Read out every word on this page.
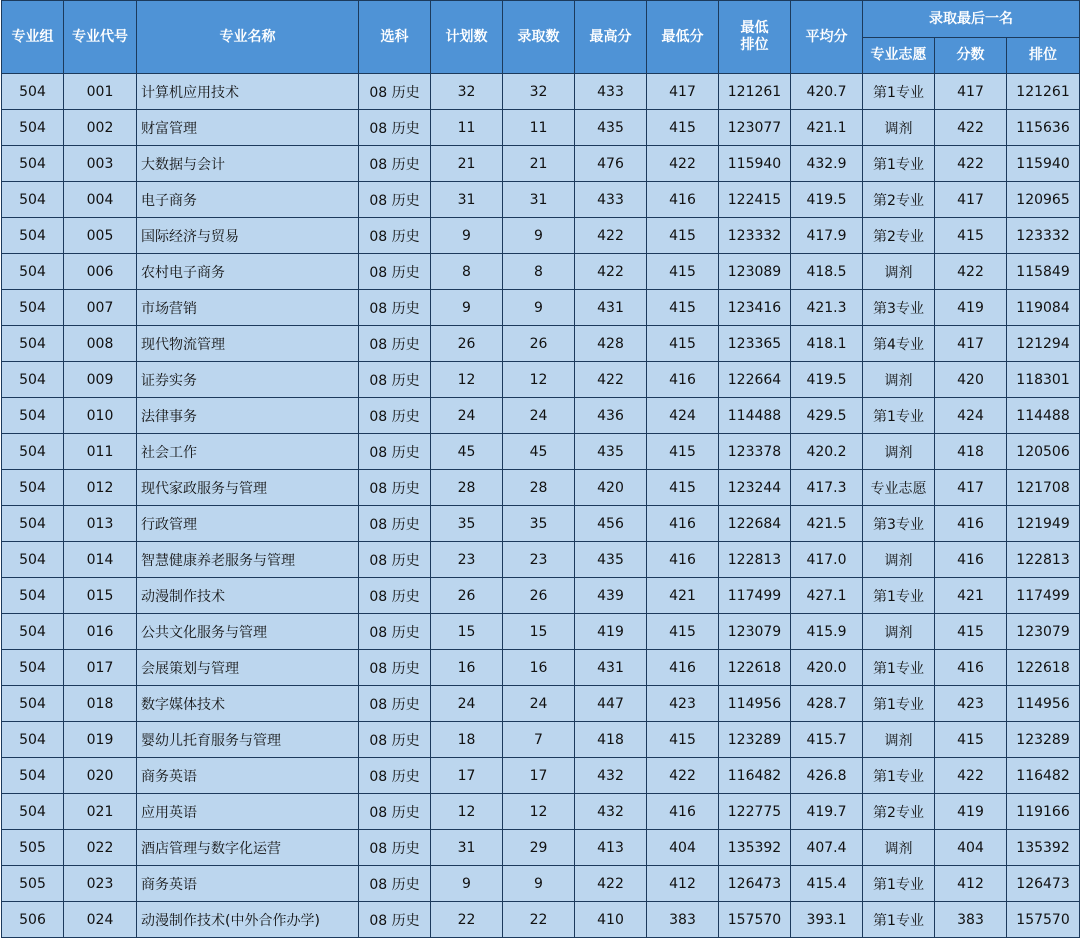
专业组	专业代号	专业名称	选科	计划数	录取数	最高分	最低分	最低
排位	平均分	录取最后一名		
										专业志愿	分数	排位
504	001	计算机应用技术	08 历史	32	32	433	417	121261	420.7	第1专业	417	121261
504	002	财富管理	08 历史	11	11	435	415	123077	421.1	调剂	422	115636
504	003	大数据与会计	08 历史	21	21	476	422	115940	432.9	第1专业	422	115940
504	004	电子商务	08 历史	31	31	433	416	122415	419.5	第2专业	417	120965
504	005	国际经济与贸易	08 历史	9	9	422	415	123332	417.9	第2专业	415	123332
504	006	农村电子商务	08 历史	8	8	422	415	123089	418.5	调剂	422	115849
504	007	市场营销	08 历史	9	9	431	415	123416	421.3	第3专业	419	119084
504	008	现代物流管理	08 历史	26	26	428	415	123365	418.1	第4专业	417	121294
504	009	证券实务	08 历史	12	12	422	416	122664	419.5	调剂	420	118301
504	010	法律事务	08 历史	24	24	436	424	114488	429.5	第1专业	424	114488
504	011	社会工作	08 历史	45	45	435	415	123378	420.2	调剂	418	120506
504	012	现代家政服务与管理	08 历史	28	28	420	415	123244	417.3	专业志愿	417	121708
504	013	行政管理	08 历史	35	35	456	416	122684	421.5	第3专业	416	121949
504	014	智慧健康养老服务与管理	08 历史	23	23	435	416	122813	417.0	调剂	416	122813
504	015	动漫制作技术	08 历史	26	26	439	421	117499	427.1	第1专业	421	117499
504	016	公共文化服务与管理	08 历史	15	15	419	415	123079	415.9	调剂	415	123079
504	017	会展策划与管理	08 历史	16	16	431	416	122618	420.0	第1专业	416	122618
504	018	数字媒体技术	08 历史	24	24	447	423	114956	428.7	第1专业	423	114956
504	019	婴幼儿托育服务与管理	08 历史	18	7	418	415	123289	415.7	调剂	415	123289
504	020	商务英语	08 历史	17	17	432	422	116482	426.8	第1专业	422	116482
504	021	应用英语	08 历史	12	12	432	416	122775	419.7	第2专业	419	119166
505	022	酒店管理与数字化运营	08 历史	31	29	413	404	135392	407.4	调剂	404	135392
505	023	商务英语	08 历史	9	9	422	412	126473	415.4	第1专业	412	126473
506	024	动漫制作技术(中外合作办学)	08 历史	22	22	410	383	157570	393.1	第1专业	383	157570
